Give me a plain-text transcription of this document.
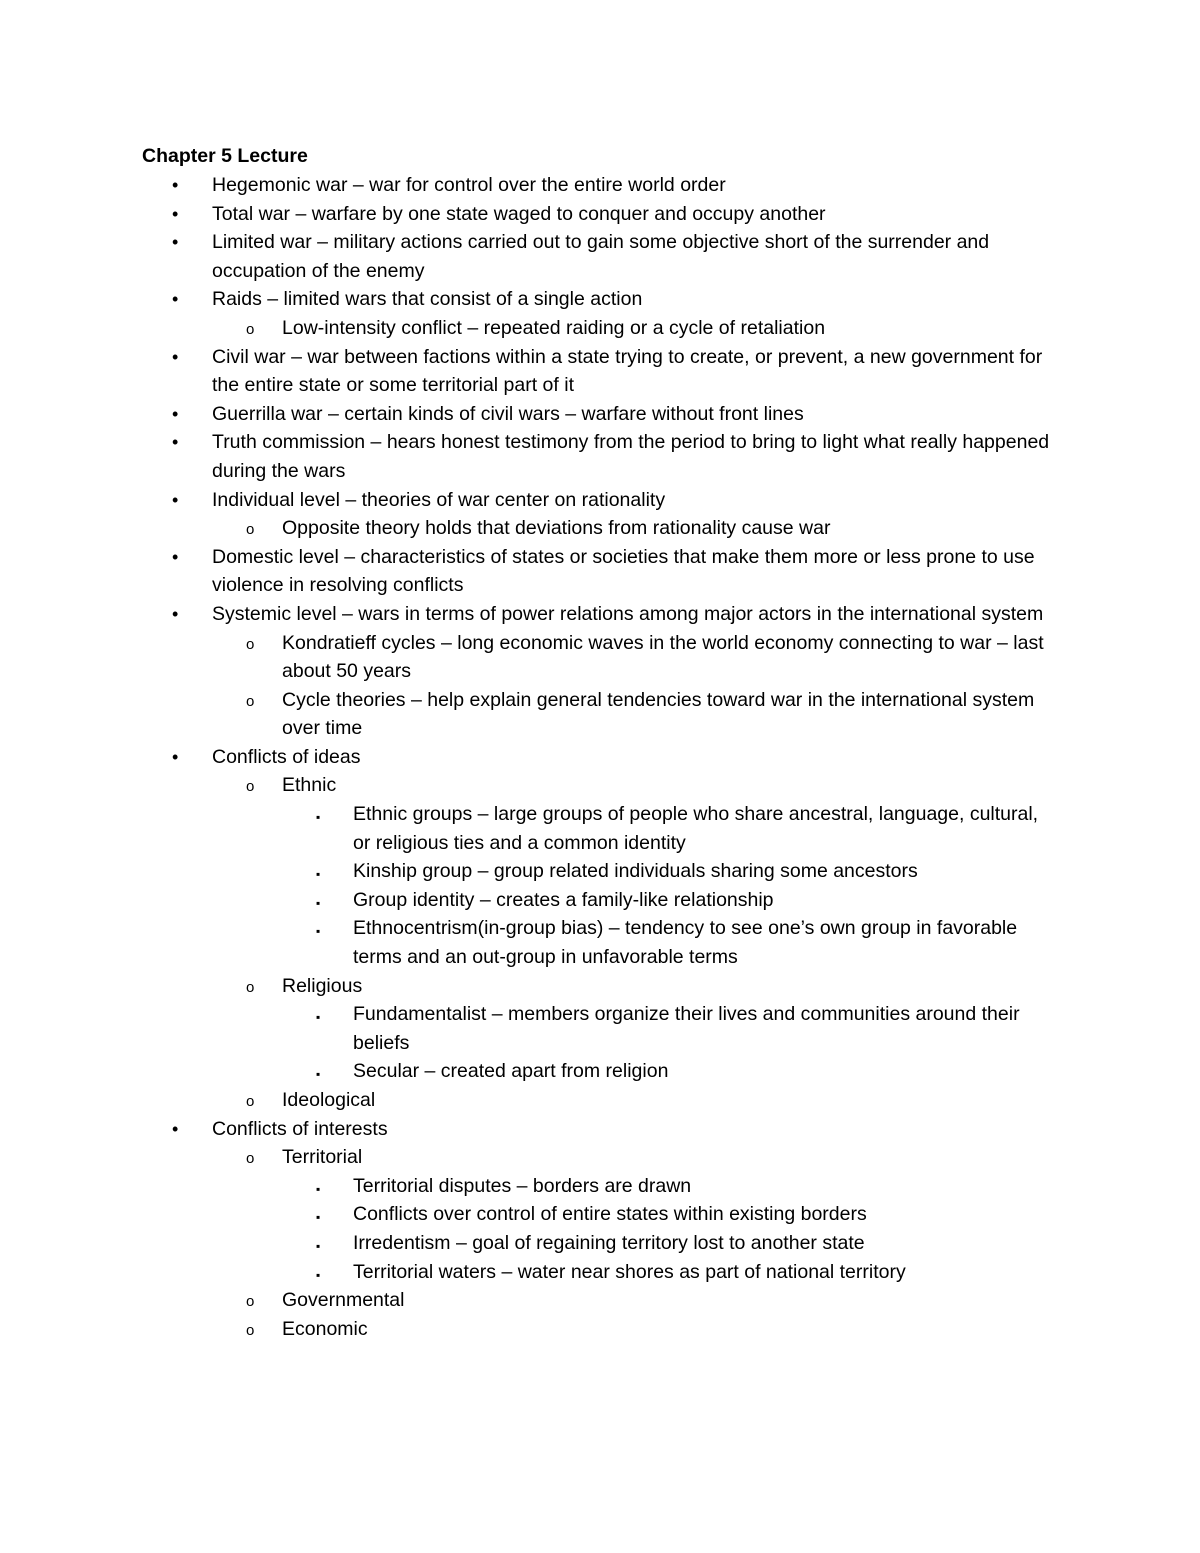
Chapter 5 Lecture
• Hegemonic war – war for control over the entire world order
• Total war – warfare by one state waged to conquer and occupy another
• Limited war – military actions carried out to gain some objective short of the surrender and occupation of the enemy
• Raids – limited wars that consist of a single action
o Low-intensity conflict – repeated raiding or a cycle of retaliation
• Civil war – war between factions within a state trying to create, or prevent, a new government for the entire state or some territorial part of it
• Guerrilla war – certain kinds of civil wars – warfare without front lines
• Truth commission – hears honest testimony from the period to bring to light what really happened during the wars
• Individual level – theories of war center on rationality
o Opposite theory holds that deviations from rationality cause war
• Domestic level – characteristics of states or societies that make them more or less prone to use violence in resolving conflicts
• Systemic level – wars in terms of power relations among major actors in the international system
o Kondratieff cycles – long economic waves in the world economy connecting to war – last about 50 years
o Cycle theories – help explain general tendencies toward war in the international system over time
• Conflicts of ideas
o Ethnic
▪ Ethnic groups – large groups of people who share ancestral, language, cultural, or religious ties and a common identity
▪ Kinship group – group related individuals sharing some ancestors
▪ Group identity – creates a family-like relationship
▪ Ethnocentrism(in-group bias) – tendency to see one’s own group in favorable terms and an out-group in unfavorable terms
o Religious
▪ Fundamentalist – members organize their lives and communities around their beliefs
▪ Secular – created apart from religion
o Ideological
• Conflicts of interests
o Territorial
▪ Territorial disputes – borders are drawn
▪ Conflicts over control of entire states within existing borders
▪ Irredentism – goal of regaining territory lost to another state
▪ Territorial waters – water near shores as part of national territory
o Governmental
o Economic
